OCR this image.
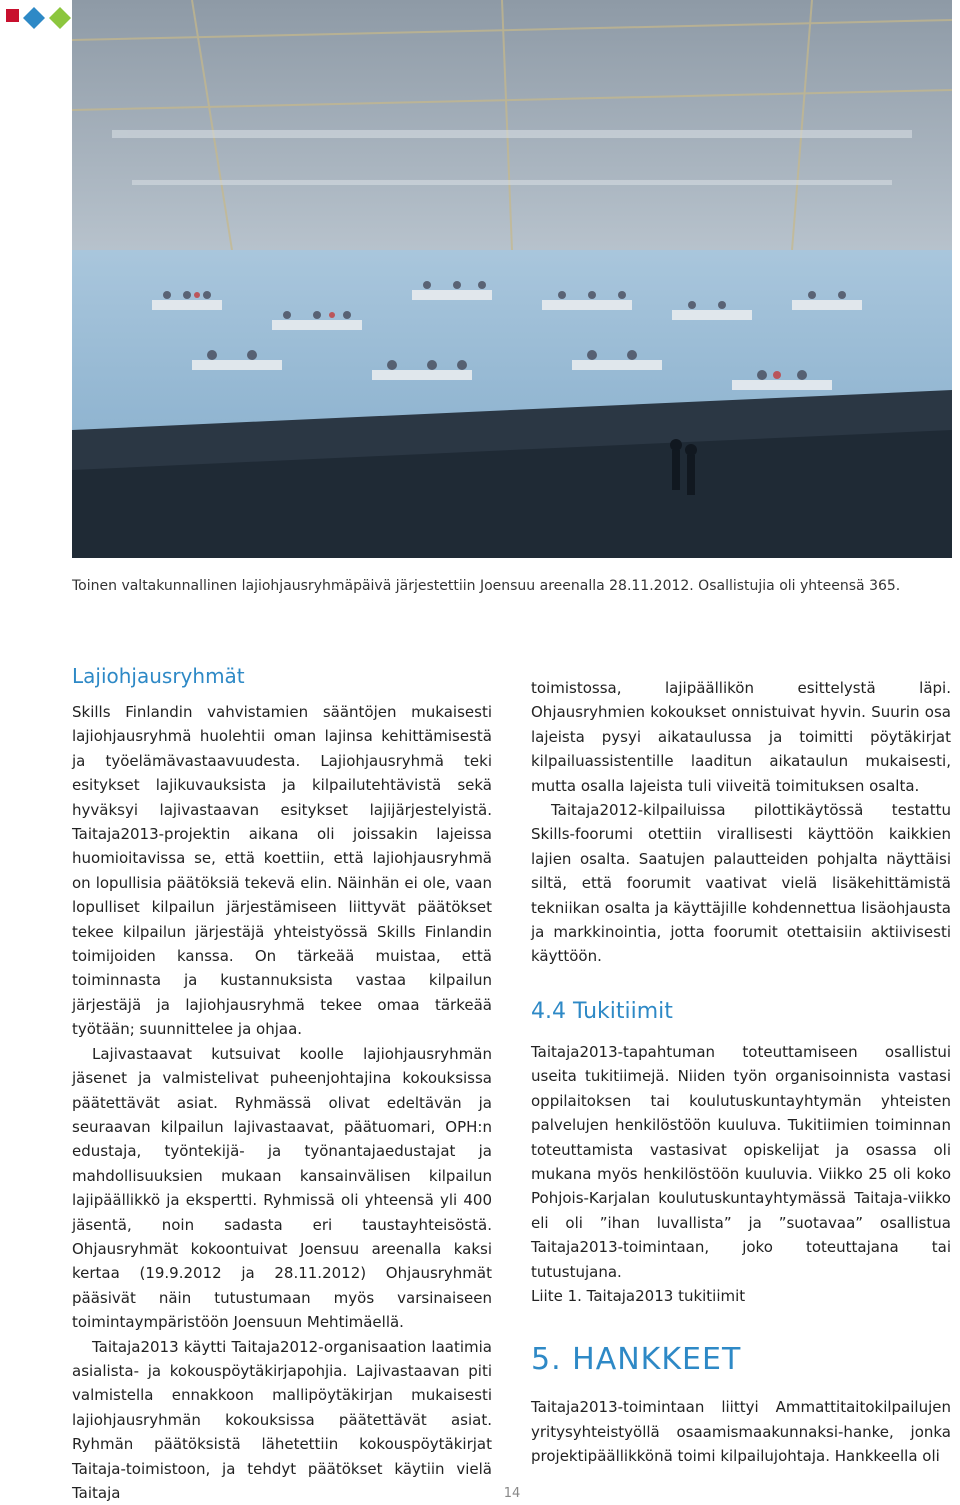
Toinen valtakunnallinen lajiohjausryhmäpäivä järjestettiin Joensuu areenalla 28.11.2012. Osallistujia oli yhteensä 365.
Lajiohjausryhmät

Skills Finlandin vahvistamien sääntöjen mukaisesti lajiohjausryhmä huolehtii oman lajinsa kehittämisestä ja työelämävastaavuudesta. Lajiohjausryhmä teki esitykset lajikuvauksista ja kilpailutehtävistä sekä hyväksyi lajivastaavan esitykset lajijärjestelyistä. Taitaja2013-projektin aikana oli joissakin lajeissa huomioitavissa se, että koettiin, että lajiohjausryhmä on lopullisia päätöksiä tekevä elin. Näinhän ei ole, vaan lopulliset kilpailun järjestämiseen liittyvät päätökset tekee kilpailun järjestäjä yhteistyössä Skills Finlandin toimijoiden kanssa. On tärkeää muistaa, että toiminnasta ja kustannuksista vastaa kilpailun järjestäjä ja lajiohjausryhmä tekee omaa tärkeää työtään; suunnittelee ja ohjaa.

Lajivastaavat kutsuivat koolle lajiohjausryhmän jäsenet ja valmistelivat puheenjohtajina kokouksissa päätettävät asiat. Ryhmässä olivat edeltävän ja seuraavan kilpailun lajivastaavat, päätuomari, OPH:n edustaja, työntekijä- ja työnantajaedustajat ja mahdollisuuksien mukaan kansainvälisen kilpailun lajipäällikkö ja ekspertti. Ryhmissä oli yhteensä yli 400 jäsentä, noin sadasta eri taustayhteisöstä. Ohjausryhmät kokoontuivat Joensuu areenalla kaksi kertaa (19.9.2012 ja 28.11.2012) Ohjausryhmät pääsivät näin tutustumaan myös varsinaiseen toimintaympäristöön Joensuun Mehtimäellä.

Taitaja2013 käytti Taitaja2012-organisaation laatimia asialista- ja kokouspöytäkirjapohjia. Lajivastaavan piti valmistella ennakkoon mallipöytäkirjan mukaisesti lajiohjausryhmän kokouksissa päätettävät asiat. Ryhmän päätöksistä lähetettiin kokouspöytäkirjat Taitaja-toimistoon, ja tehdyt päätökset käytiin vielä Taitaja

toimistossa, lajipäällikön esittelystä läpi. Ohjausryhmien kokoukset onnistuivat hyvin. Suurin osa lajeista pysyi aikataulussa ja toimitti pöytäkirjat kilpailuassistentille laaditun aikataulun mukaisesti, mutta osalla lajeista tuli viiveitä toimituksen osalta.

Taitaja2012-kilpailuissa pilottikäytössä testattu Skills-foorumi otettiin virallisesti käyttöön kaikkien lajien osalta. Saatujen palautteiden pohjalta näyttäisi siltä, että foorumit vaativat vielä lisäkehittämistä tekniikan osalta ja käyttäjille kohdennettua lisäohjausta ja markkinointia, jotta foorumit otettaisiin aktiivisesti käyttöön.

4.4 Tukitiimit

Taitaja2013-tapahtuman toteuttamiseen osallistui useita tukitiimejä. Niiden työn organisoinnista vastasi oppilaitoksen tai koulutuskuntayhtymän yhteisten palvelujen henkilöstöön kuuluva. Tukitiimien toiminnan toteuttamista vastasivat opiskelijat ja osassa oli mukana myös henkilöstöön kuuluvia. Viikko 25 oli koko Pohjois-Karjalan koulutuskuntayhtymässä Taitaja-viikko eli oli ”ihan luvallista” ja ”suotavaa” osallistua Taitaja2013-toimintaan, joko toteuttajana tai tutustujana.

Liite 1. Taitaja2013 tukitiimit

5. HANKKEET

Taitaja2013-toimintaan liittyi Ammattitaitokilpailujen yritysyhteistyöllä osaamismaakunnaksi-hanke, jonka projektipäällikkönä toimi kilpailujohtaja. Hankkeella oli

14
